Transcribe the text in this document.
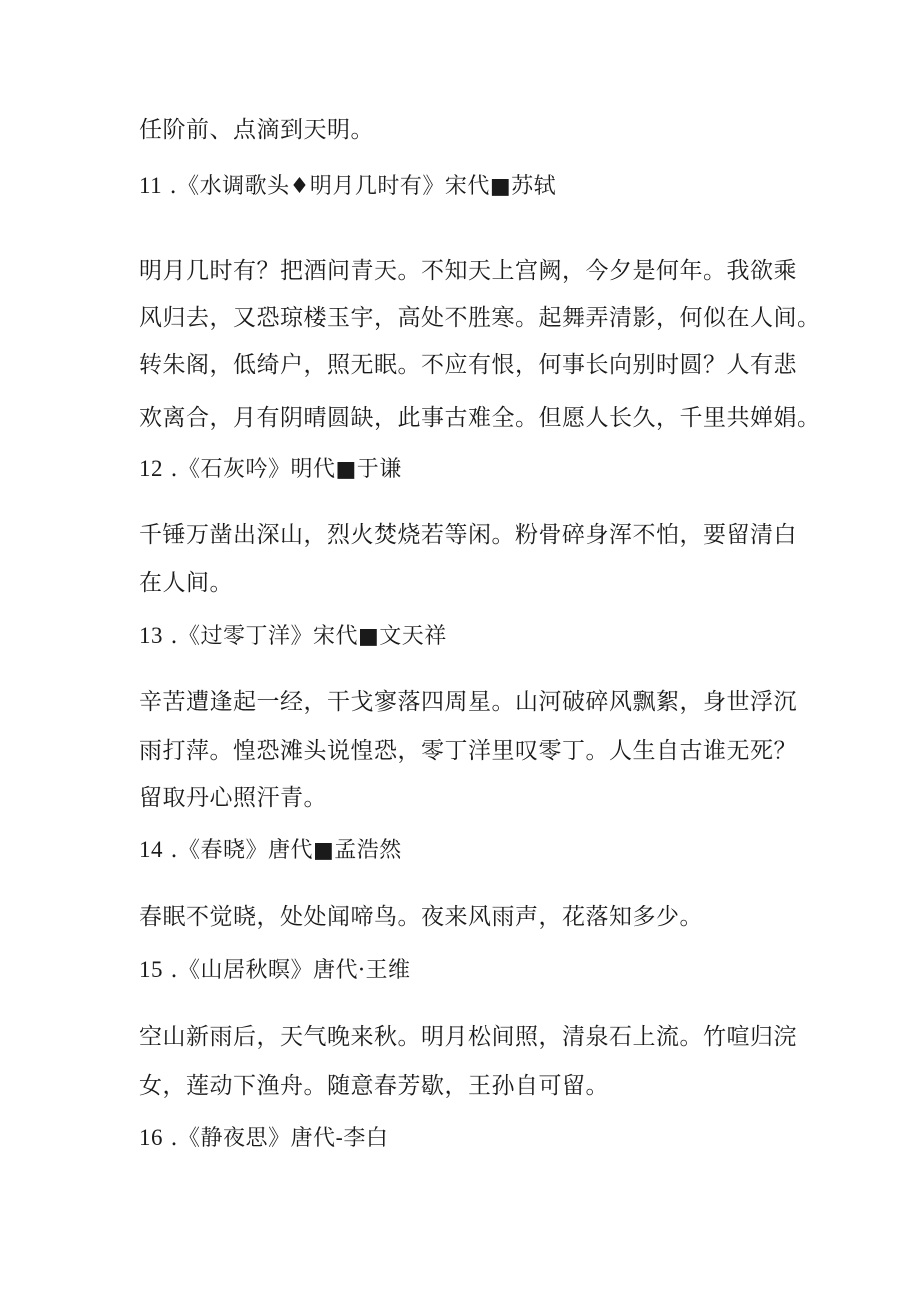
任阶前、点滴到天明。

11 .《水调歌头♦明月几时有》宋代■苏轼

明月几时有？把酒问青天。不知天上宫阙，今夕是何年。我欲乘

风归去，又恐琼楼玉宇，高处不胜寒。起舞弄清影，何似在人间。

转朱阁，低绮户，照无眠。不应有恨，何事长向别时圆？人有悲

欢离合，月有阴晴圆缺，此事古难全。但愿人长久，千里共婵娟。

12 .《石灰吟》明代■于谦

千锤万凿出深山，烈火焚烧若等闲。粉骨碎身浑不怕，要留清白

在人间。

13 .《过零丁洋》宋代■文天祥

辛苦遭逢起一经，干戈寥落四周星。山河破碎风飘絮，身世浮沉

雨打萍。惶恐滩头说惶恐，零丁洋里叹零丁。人生自古谁无死？

留取丹心照汗青。

14 .《春晓》唐代■孟浩然

春眠不觉晓，处处闻啼鸟。夜来风雨声，花落知多少。

15 .《山居秋暝》唐代·王维

空山新雨后，天气晚来秋。明月松间照，清泉石上流。竹喧归浣

女，莲动下渔舟。随意春芳歇，王孙自可留。

16 .《静夜思》唐代-李白
